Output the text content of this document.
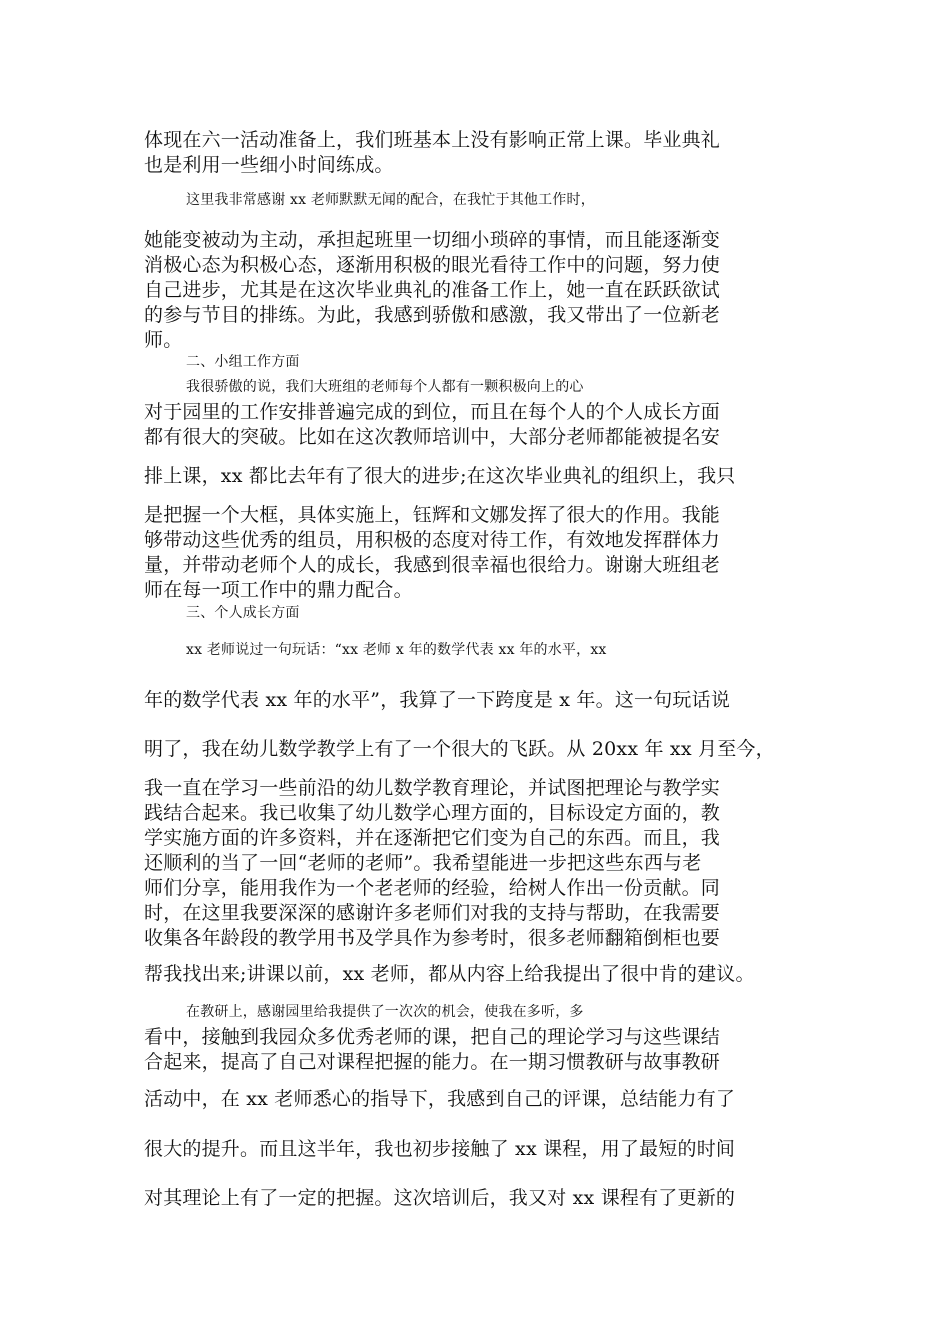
体现在六一活动准备上，我们班基本上没有影响正常上课。毕业典礼
也是利用一些细小时间练成。
这里我非常感谢 xx 老师默默无闻的配合，在我忙于其他工作时，
她能变被动为主动，承担起班里一切细小琐碎的事情，而且能逐渐变
消极心态为积极心态，逐渐用积极的眼光看待工作中的问题，努力使
自己进步，尤其是在这次毕业典礼的准备工作上，她一直在跃跃欲试
的参与节目的排练。为此，我感到骄傲和感激，我又带出了一位新老
师。
二、小组工作方面
我很骄傲的说，我们大班组的老师每个人都有一颗积极向上的心
对于园里的工作安排普遍完成的到位，而且在每个人的个人成长方面
都有很大的突破。比如在这次教师培训中，大部分老师都能被提名安
排上课，xx 都比去年有了很大的进步;在这次毕业典礼的组织上，我只
是把握一个大框，具体实施上，钰辉和文娜发挥了很大的作用。我能
够带动这些优秀的组员，用积极的态度对待工作，有效地发挥群体力
量，并带动老师个人的成长，我感到很幸福也很给力。谢谢大班组老
师在每一项工作中的鼎力配合。
三、个人成长方面
xx 老师说过一句玩话：“xx 老师 x 年的数学代表 xx 年的水平，xx
年的数学代表 xx 年的水平”，我算了一下跨度是 x 年。这一句玩话说
明了，我在幼儿数学教学上有了一个很大的飞跃。从 20xx 年 xx 月至今，
我一直在学习一些前沿的幼儿数学教育理论，并试图把理论与教学实
践结合起来。我已收集了幼儿数学心理方面的，目标设定方面的，教
学实施方面的许多资料，并在逐渐把它们变为自己的东西。而且，我
还顺利的当了一回“老师的老师”。我希望能进一步把这些东西与老
师们分享，能用我作为一个老老师的经验，给树人作出一份贡献。同
时，在这里我要深深的感谢许多老师们对我的支持与帮助，在我需要
收集各年龄段的教学用书及学具作为参考时，很多老师翻箱倒柜也要
帮我找出来;讲课以前，xx 老师，都从内容上给我提出了很中肯的建议。
在教研上，感谢园里给我提供了一次次的机会，使我在多听，多
看中，接触到我园众多优秀老师的课，把自己的理论学习与这些课结
合起来，提高了自己对课程把握的能力。在一期习惯教研与故事教研
活动中，在 xx 老师悉心的指导下，我感到自己的评课，总结能力有了
很大的提升。而且这半年，我也初步接触了 xx 课程，用了最短的时间
对其理论上有了一定的把握。这次培训后，我又对 xx 课程有了更新的
